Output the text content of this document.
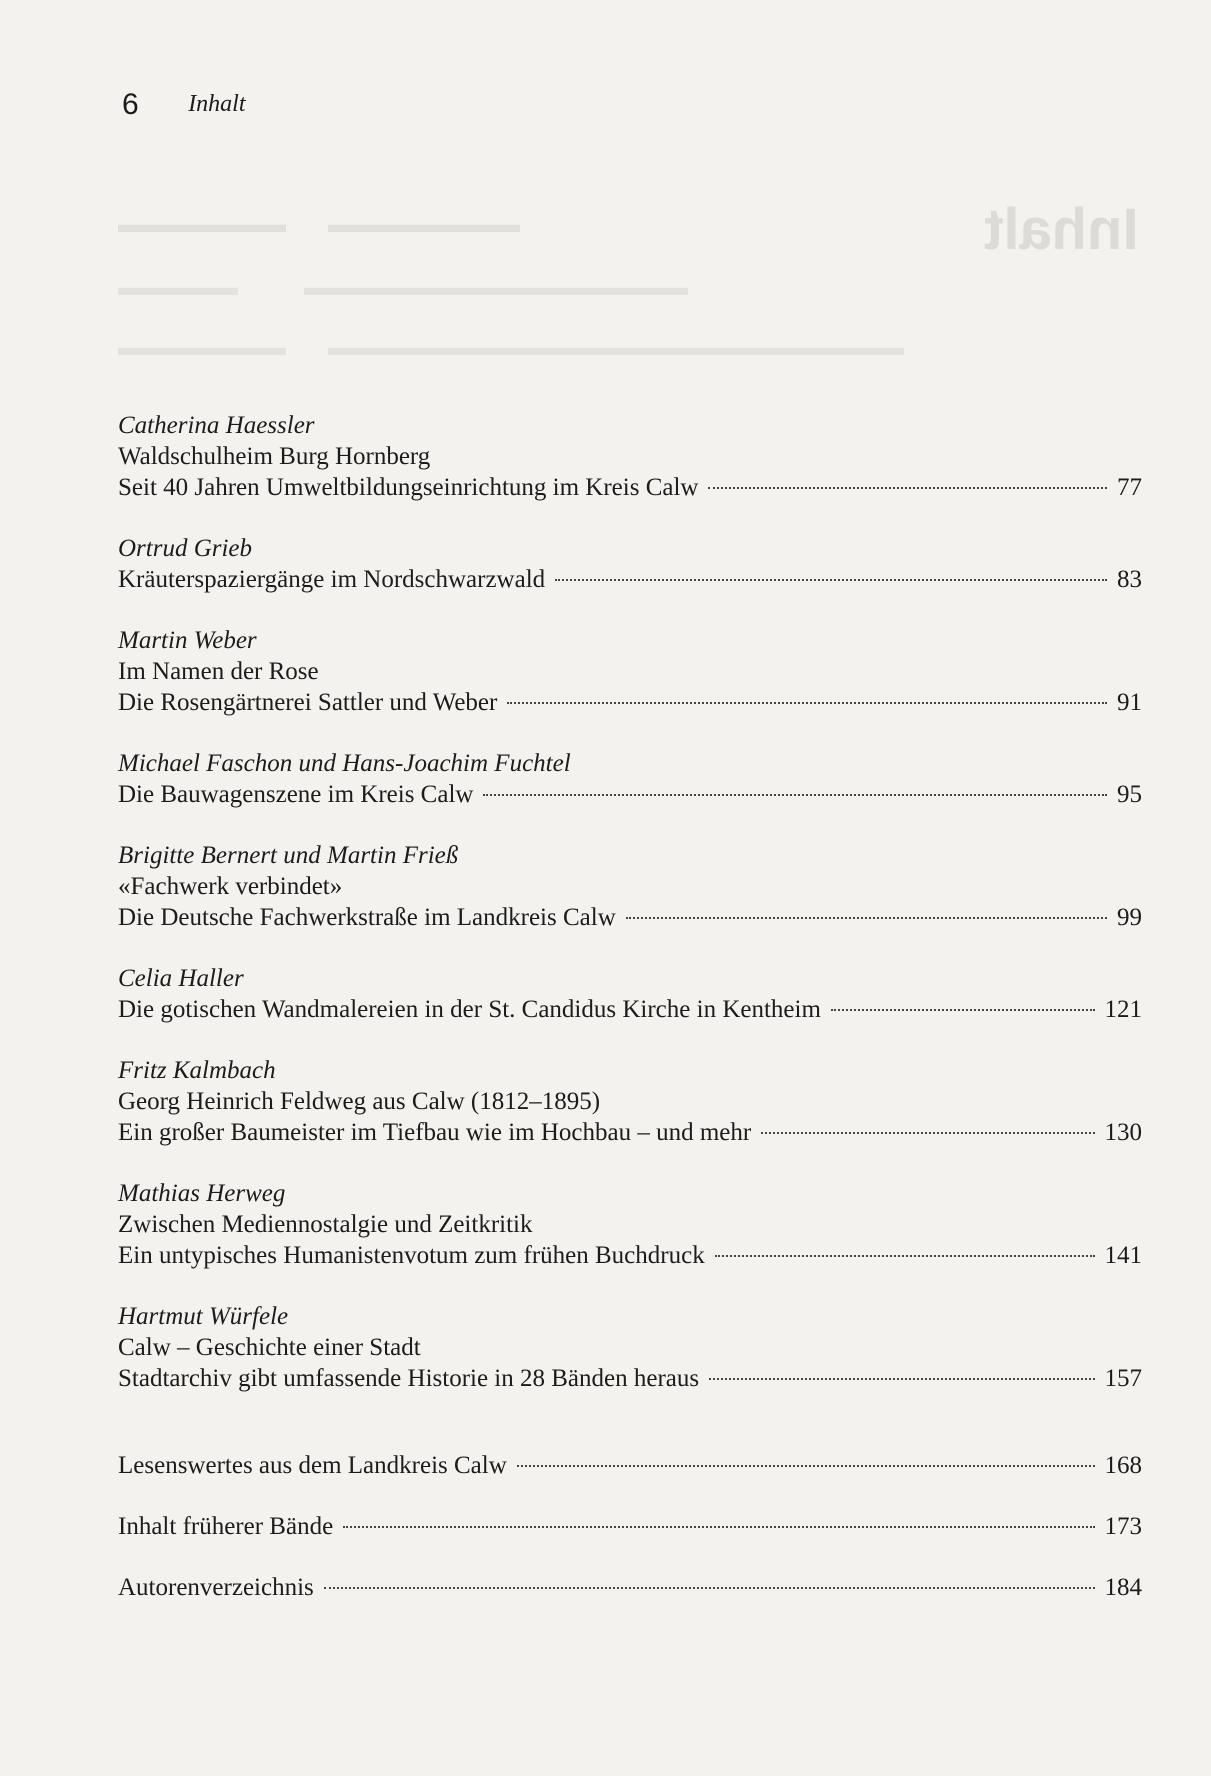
Inhalt
▬▬▬▬▬▬▬       ▬▬▬▬▬▬▬▬
▬▬▬▬▬           ▬▬▬▬▬▬▬▬▬▬▬▬▬▬▬▬
▬▬▬▬▬▬▬       ▬▬▬▬▬▬▬▬▬▬▬▬▬▬▬▬▬▬▬▬▬▬▬▬
6 Inhalt
Catherina Haessler
Waldschulheim Burg Hornberg
Seit 40 Jahren Umweltbildungseinrichtung im Kreis Calw	77
Ortrud Grieb
Kräuterspaziergänge im Nordschwarzwald	83
Martin Weber
Im Namen der Rose
Die Rosengärtnerei Sattler und Weber	91
Michael Faschon und Hans-Joachim Fuchtel
Die Bauwagenszene im Kreis Calw	95
Brigitte Bernert und Martin Frieß
«Fachwerk verbindet»
Die Deutsche Fachwerkstraße im Landkreis Calw	99
Celia Haller
Die gotischen Wandmalereien in der St. Candidus Kirche in Kentheim	121
Fritz Kalmbach
Georg Heinrich Feldweg aus Calw (1812–1895)
Ein großer Baumeister im Tiefbau wie im Hochbau – und mehr	130
Mathias Herweg
Zwischen Mediennostalgie und Zeitkritik
Ein untypisches Humanistenvotum zum frühen Buchdruck	141
Hartmut Würfele
Calw – Geschichte einer Stadt
Stadtarchiv gibt umfassende Historie in 28 Bänden heraus	157
Lesenswertes aus dem Landkreis Calw	168
Inhalt früherer Bände	173
Autorenverzeichnis	184
